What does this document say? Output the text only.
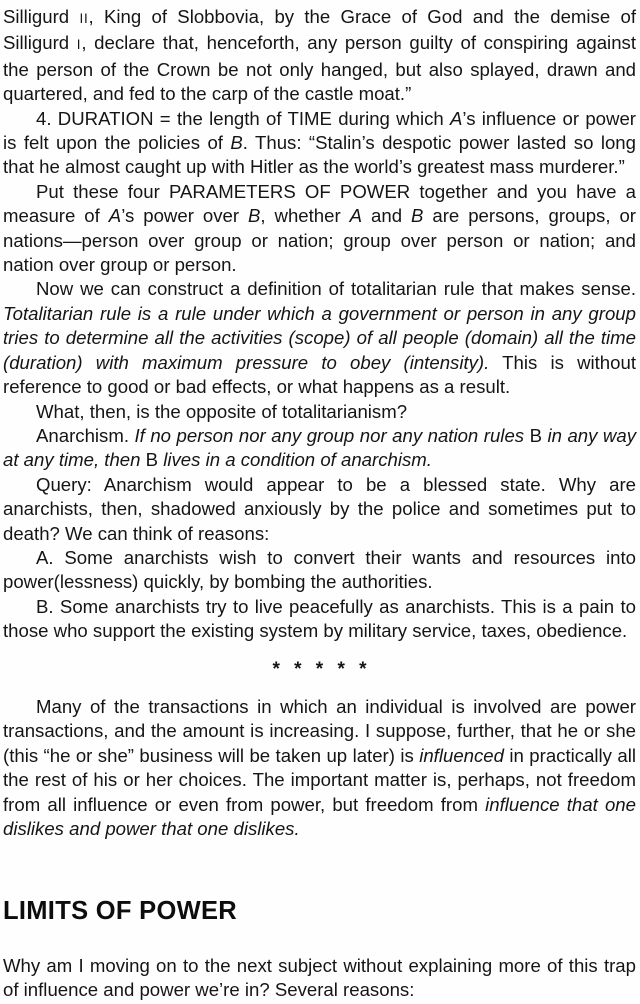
Silligurd II, King of Slobbovia, by the Grace of God and the demise of Silligurd I, declare that, henceforth, any person guilty of conspiring against the person of the Crown be not only hanged, but also splayed, drawn and quartered, and fed to the carp of the castle moat.”

4. DURATION = the length of TIME during which A’s influence or power is felt upon the policies of B. Thus: “Stalin’s despotic power lasted so long that he almost caught up with Hitler as the world’s greatest mass murderer.”

Put these four PARAMETERS OF POWER together and you have a measure of A’s power over B, whether A and B are persons, groups, or nations—person over group or nation; group over person or nation; and nation over group or person.

Now we can construct a definition of totalitarian rule that makes sense. Totalitarian rule is a rule under which a government or person in any group tries to determine all the activities (scope) of all people (domain) all the time (duration) with maximum pressure to obey (intensity). This is without reference to good or bad effects, or what happens as a result.

What, then, is the opposite of totalitarianism?

Anarchism. If no person nor any group nor any nation rules B in any way at any time, then B lives in a condition of anarchism.

Query: Anarchism would appear to be a blessed state. Why are anarchists, then, shadowed anxiously by the police and sometimes put to death? We can think of reasons:

A. Some anarchists wish to convert their wants and resources into power(lessness) quickly, by bombing the authorities.

B. Some anarchists try to live peacefully as anarchists. This is a pain to those who support the existing system by military service, taxes, obedience.

* * * * *

Many of the transactions in which an individual is involved are power transactions, and the amount is increasing. I suppose, further, that he or she (this “he or she” business will be taken up later) is influenced in practically all the rest of his or her choices. The important matter is, perhaps, not freedom from all influence or even from power, but freedom from influence that one dislikes and power that one dislikes.

LIMITS OF POWER

Why am I moving on to the next subject without explaining more of this trap of influence and power we’re in? Several reasons:
